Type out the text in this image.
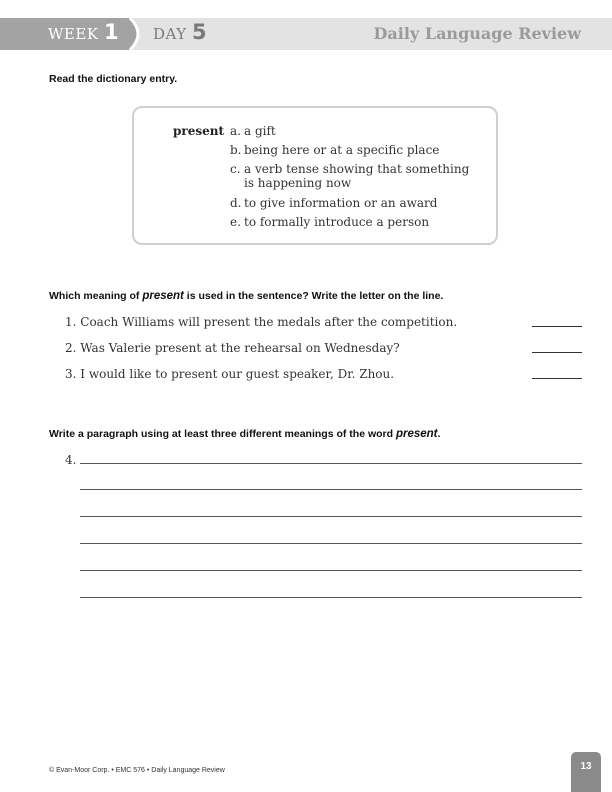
WEEK 1 DAY 5	Daily Language Review
Read the dictionary entry.
present a. a gift
b. being here or at a specific place
c. a verb tense showing that something
is happening now
d. to give information or an award
e. to formally introduce a person
Which meaning of present is used in the sentence? Write the letter on the line.
1. Coach Williams will present the medals after the competition.
2. Was Valerie present at the rehearsal on Wednesday?
3. I would like to present our guest speaker, Dr. Zhou.
Write a paragraph using at least three different meanings of the word present.
4.
© Evan-Moor Corp. • EMC 576 • Daily Language Review	13
